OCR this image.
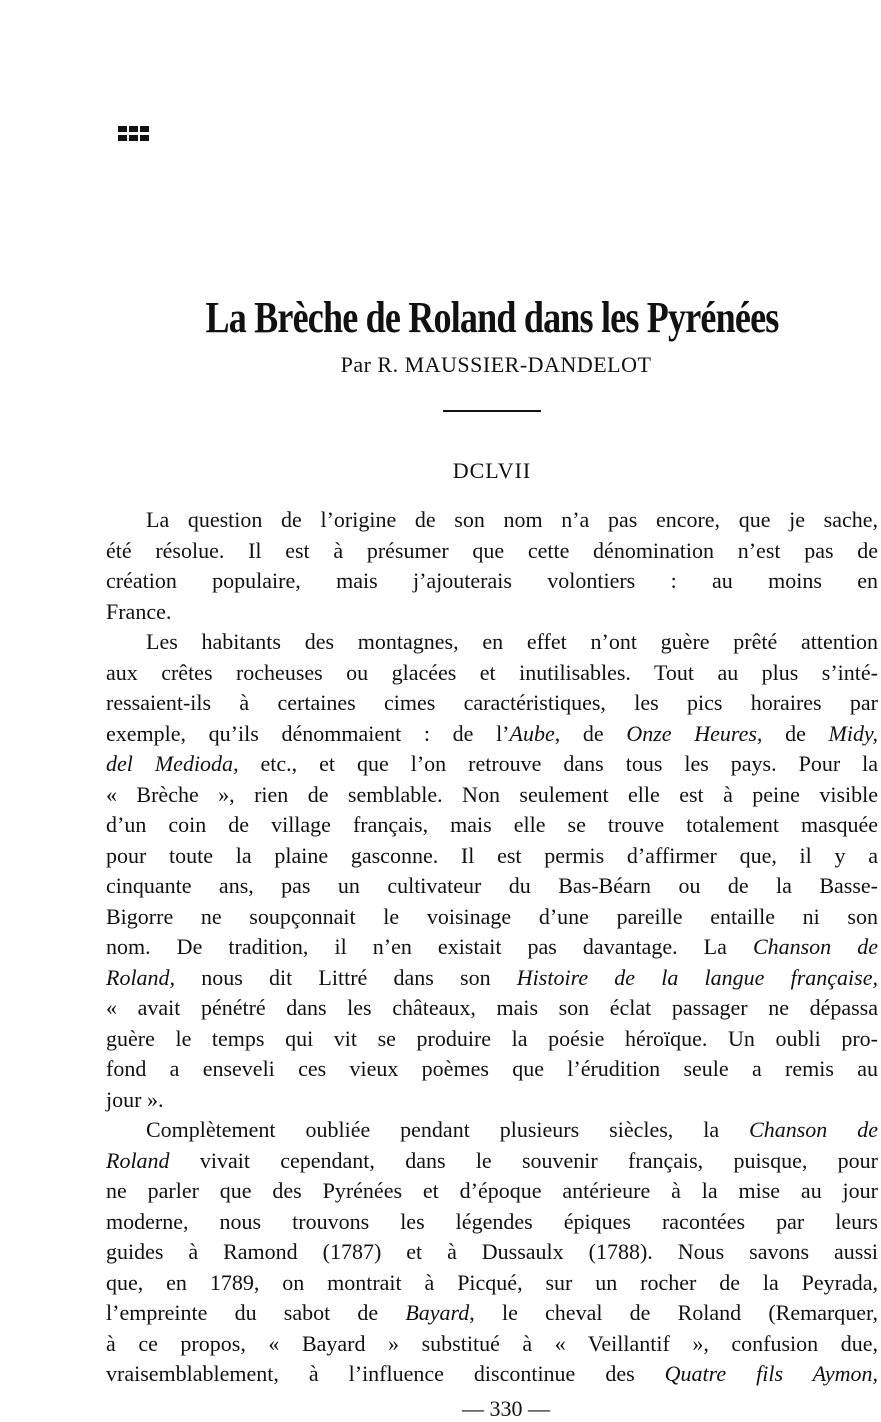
La Brèche de Roland dans les Pyrénées
Par R. MAUSSIER-DANDELOT
DCLVII
La question de l’origine de son nom n’a pas encore, que je sache,
été résolue. Il est à présumer que cette dénomination n’est pas de
création populaire, mais j’ajouterais volontiers : au moins en
France.
Les habitants des montagnes, en effet n’ont guère prêté attention
aux crêtes rocheuses ou glacées et inutilisables. Tout au plus s’inté-
ressaient-ils à certaines cimes caractéristiques, les pics horaires par
exemple, qu’ils dénommaient : de l’Aube, de Onze Heures, de Midy,
del Medioda, etc., et que l’on retrouve dans tous les pays. Pour la
« Brèche », rien de semblable. Non seulement elle est à peine visible
d’un coin de village français, mais elle se trouve totalement masquée
pour toute la plaine gasconne. Il est permis d’affirmer que, il y a
cinquante ans, pas un cultivateur du Bas-Béarn ou de la Basse-
Bigorre ne soupçonnait le voisinage d’une pareille entaille ni son
nom. De tradition, il n’en existait pas davantage. La Chanson de
Roland, nous dit Littré dans son Histoire de la langue française,
« avait pénétré dans les châteaux, mais son éclat passager ne dépassa
guère le temps qui vit se produire la poésie héroïque. Un oubli pro-
fond a enseveli ces vieux poèmes que l’érudition seule a remis au
jour ».
Complètement oubliée pendant plusieurs siècles, la Chanson de
Roland vivait cependant, dans le souvenir français, puisque, pour
ne parler que des Pyrénées et d’époque antérieure à la mise au jour
moderne, nous trouvons les légendes épiques racontées par leurs
guides à Ramond (1787) et à Dussaulx (1788). Nous savons aussi
que, en 1789, on montrait à Picqué, sur un rocher de la Peyrada,
l’empreinte du sabot de Bayard, le cheval de Roland (Remarquer,
à ce propos, « Bayard » substitué à « Veillantif », confusion due,
vraisemblablement, à l’influence discontinue des Quatre fils Aymon,
— 330 —
